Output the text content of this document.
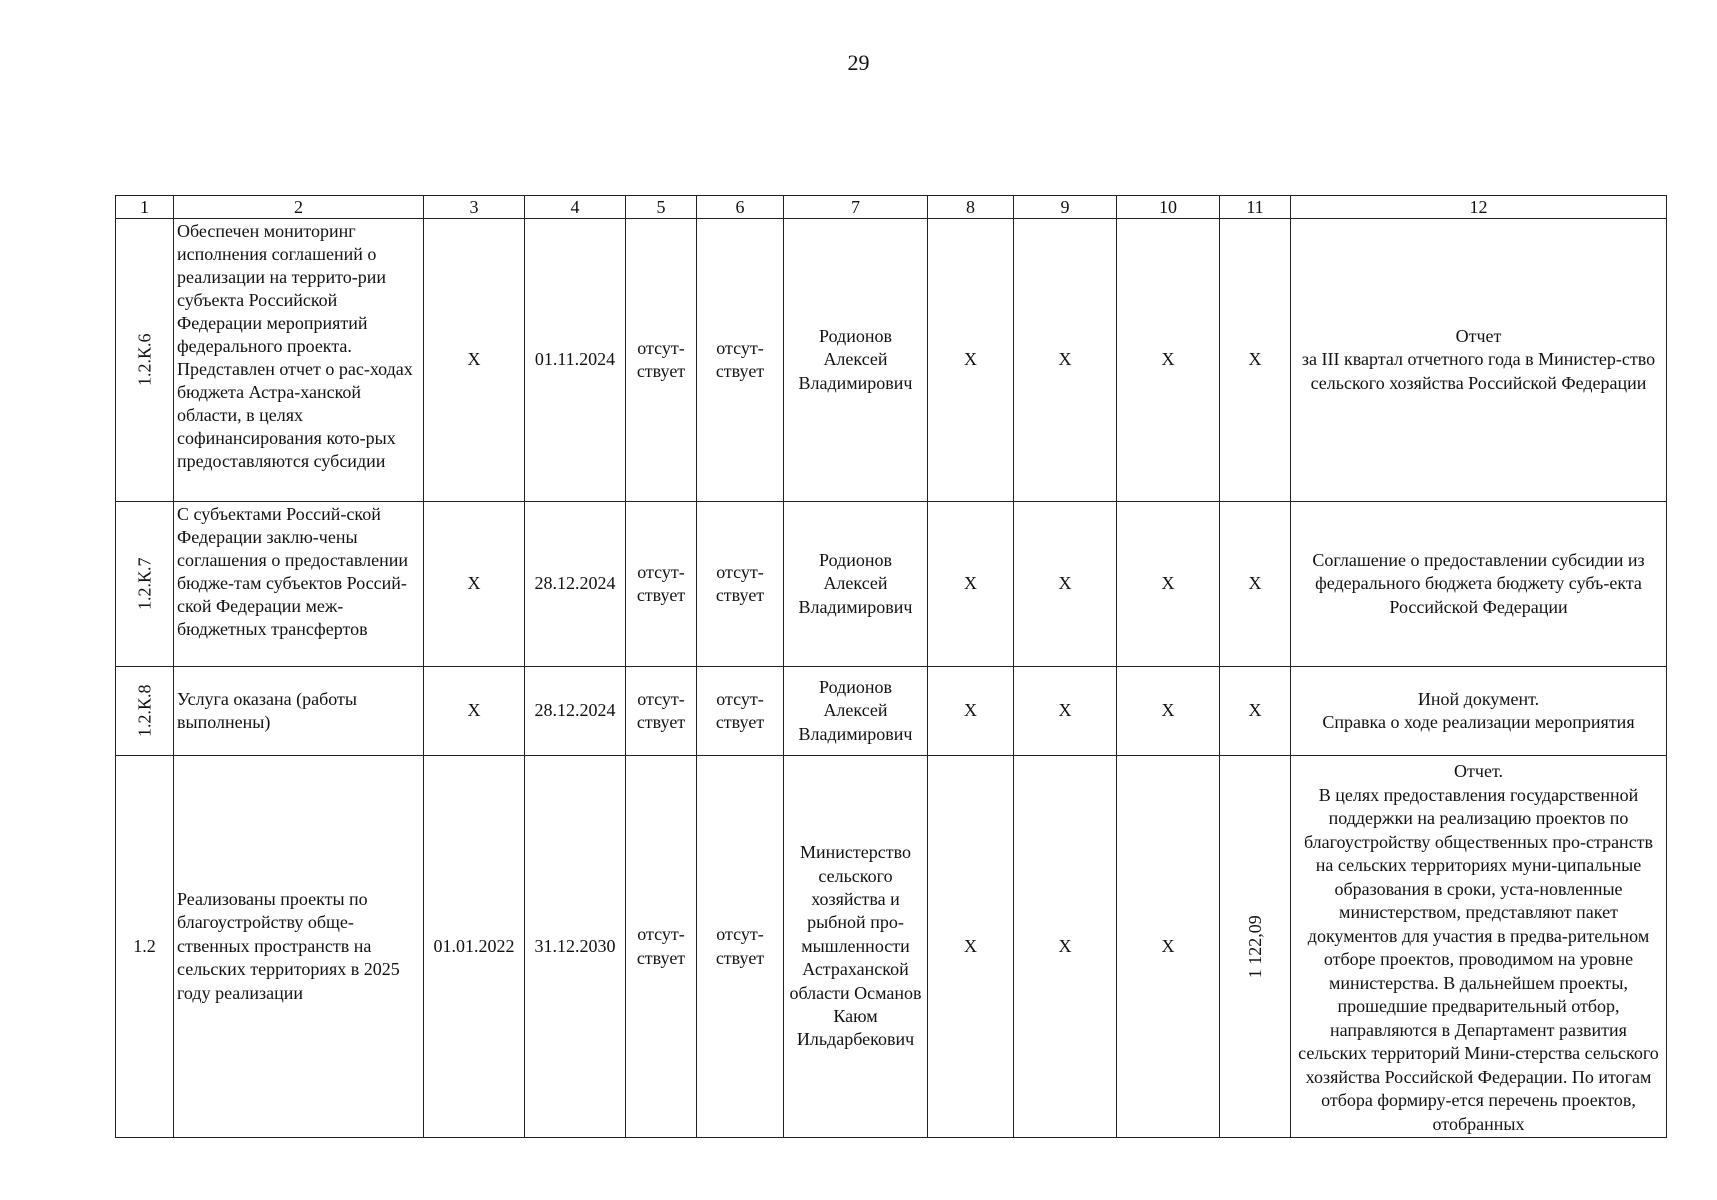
29
1	2	3	4	5	6	7	8	9	10	11	12
1.2.К.6	Обеспечен мониторинг исполнения соглашений о реализации на террито-рии субъекта Российской Федерации мероприятий федерального проекта. Представлен отчет о рас-ходах бюджета Астра-ханской области, в целях софинансирования кото-рых предоставляются субсидии	X	01.11.2024	отсут-ствует	отсут-ствует	Родионов Алексей Владимирович	X	X	X	X	Отчет
за III квартал отчетного года в Министер-ство сельского хозяйства Российской Федерации

1.2.К.7	С субъектами Россий-ской Федерации заклю-чены соглашения о предоставлении бюдже-там субъектов Россий-ской Федерации меж-бюджетных трансфертов	X	28.12.2024	отсут-ствует	отсут-ствует	Родионов Алексей Владимирович	X	X	X	X	Соглашение о предоставлении субсидии из федерального бюджета бюджету субъ-екта Российской Федерации

1.2.К.8	Услуга оказана (работы выполнены)	X	28.12.2024	отсут-ствует	отсут-ствует	Родионов Алексей Владимирович	X	X	X	X	Иной документ.
Справка о ходе реализации мероприятия

1.2	Реализованы проекты по благоустройству обще-ственных пространств на сельских территориях в 2025 году реализации	01.01.2022	31.12.2030	отсут-ствует	отсут-ствует	Министерство сельского хозяйства и рыбной про-мышленности Астраханской области Османов Каюм Ильдарбекович	X	X	X	1 122,09	Отчет.
В целях предоставления государственной поддержки на реализацию проектов по благоустройству общественных про-странств на сельских территориях муни-ципальные образования в сроки, уста-новленные министерством, представляют пакет документов для участия в предва-рительном отборе проектов, проводимом на уровне министерства. В дальнейшем проекты, прошедшие предварительный отбор, направляются в Департамент развития сельских территорий Мини-стерства сельского хозяйства Российской Федерации. По итогам отбора формиру-ется перечень проектов, отобранных
